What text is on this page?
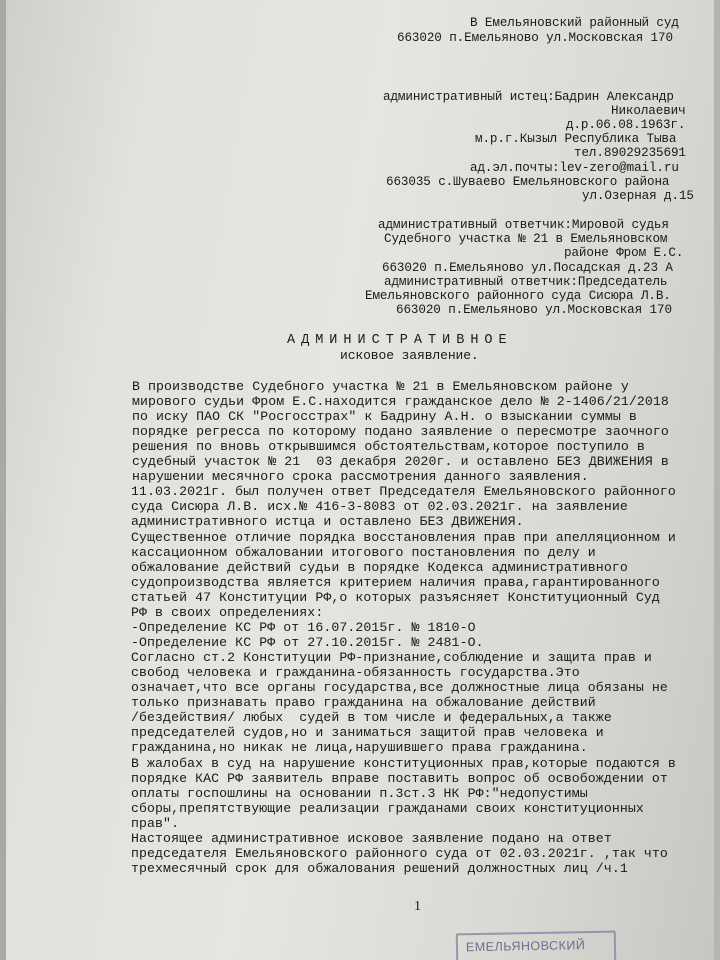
В Емельяновский районный суд
663020 п.Емельяново ул.Московская 170
административный истец:Бадрин Александр
Николаевич
д.р.06.08.1963г.
м.р.г.Кызыл Республика Тыва
тел.89029235691
ад.эл.почты:lev-zero@mail.ru
663035 с.Шуваево Емельяновского района
ул.Озерная д.15
административный ответчик:Мировой судья
Судебного участка № 21 в Емельяновском
районе Фром Е.С.
663020 п.Емельяново ул.Посадская д.23 А
административный ответчик:Председатель
Емельяновского районного суда Сисюра Л.В.
663020 п.Емельяново ул.Московская 170
АДМИНИСТРАТИВНОЕ
исковое заявление.
В производстве Судебного участка № 21 в Емельяновском районе у
мирового судьи Фром Е.С.находится гражданское дело № 2-1406/21/2018
по иску ПАО СК "Росгосстрах" к Бадрину А.Н. о взыскании суммы в
порядке регресса по которому подано заявление о пересмотре заочного
решения по вновь открывшимся обстоятельствам,которое поступило в
судебный участок № 21  03 декабря 2020г. и оставлено БЕЗ ДВИЖЕНИЯ в
нарушении месячного срока рассмотрения данного заявления.
11.03.2021г. был получен ответ Председателя Емельяновского районного
суда Сисюра Л.В. исх.№ 416-3-8083 от 02.03.2021г. на заявление
административного истца и оставлено БЕЗ ДВИЖЕНИЯ.
Существенное отличие порядка восстановления прав при апелляционном и
кассационном обжаловании итогового постановления по делу и
обжалование действий судьи в порядке Кодекса административного
судопроизводства является критерием наличия права,гарантированного
статьей 47 Конституции РФ,о которых разъясняет Конституционный Суд
РФ в своих определениях:
-Определение КС РФ от 16.07.2015г. № 1810-О
-Определение КС РФ от 27.10.2015г. № 2481-О.
Согласно ст.2 Конституции РФ-признание,соблюдение и защита прав и
свобод человека и гражданина-обязанность государства.Это
означает,что все органы государства,все должностные лица обязаны не
только признавать право гражданина на обжалование действий
/бездействия/ любых  судей в том числе и федеральных,а также
председателей судов,но и заниматься защитой прав человека и
гражданина,но никак не лица,нарушившего права гражданина.
В жалобах в суд на нарушение конституционных прав,которые подаются в
порядке КАС РФ заявитель вправе поставить вопрос об освобождении от
оплаты госпошлины на основании п.3ст.3 НК РФ:"недопустимы
сборы,препятствующие реализации гражданами своих конституционных
прав".
Настоящее административное исковое заявление подано на ответ
председателя Емельяновского районного суда от 02.03.2021г. ,так что
трехмесячный срок для обжалования решений должностных лиц /ч.1
1
ЕМЕЛЬЯНОВСКИЙ
